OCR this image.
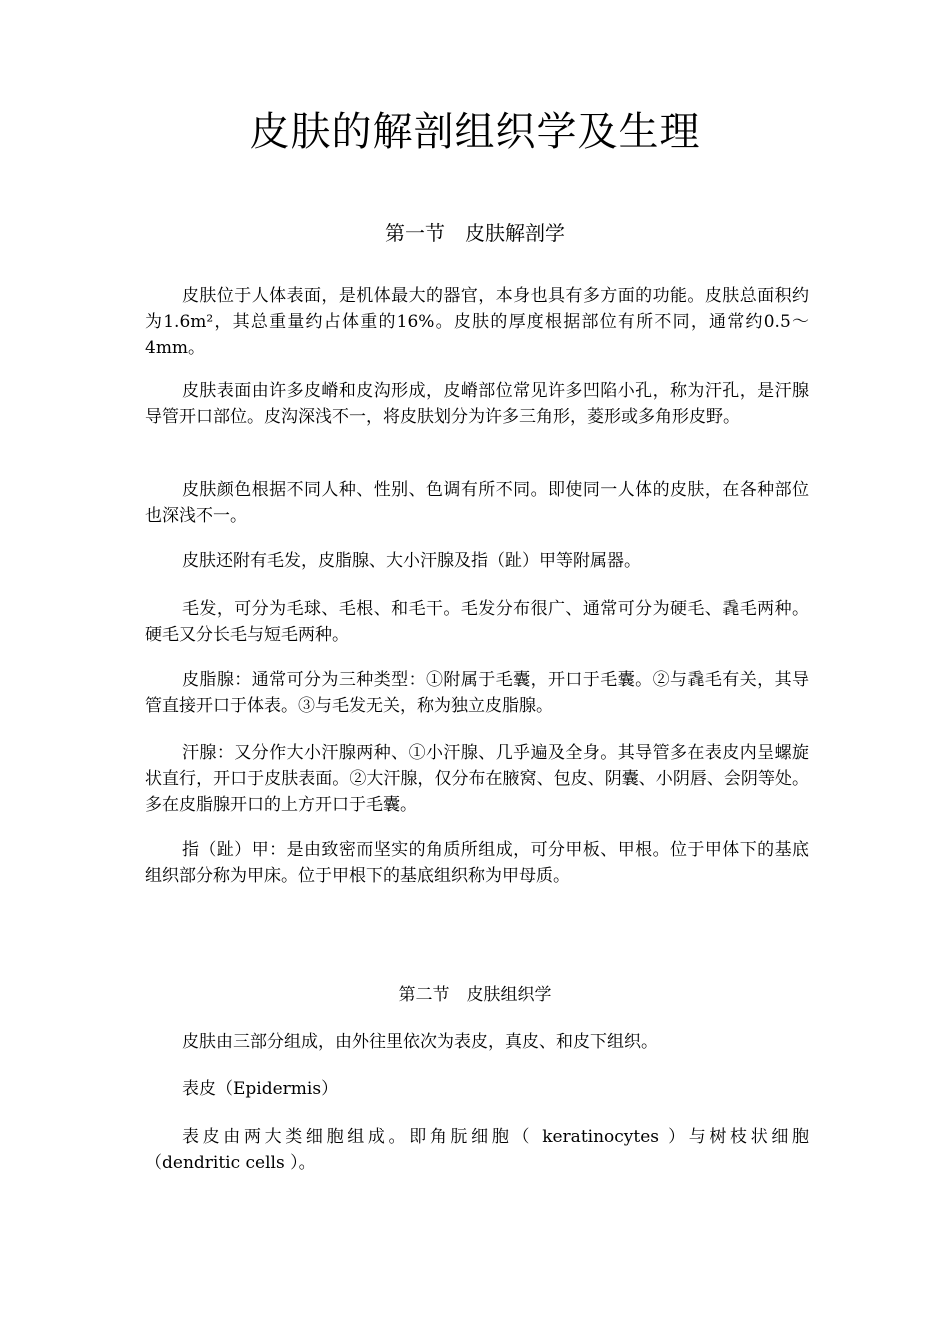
皮肤的解剖组织学及生理
第一节　皮肤解剖学

皮肤位于人体表面，是机体最大的器官，本身也具有多方面的功能。皮肤总面积约为1.6m²，其总重量约占体重的16%。皮肤的厚度根据部位有所不同，通常约0.5～4mm。

皮肤表面由许多皮嵴和皮沟形成，皮嵴部位常见许多凹陷小孔，称为汗孔，是汗腺导管开口部位。皮沟深浅不一，将皮肤划分为许多三角形，菱形或多角形皮野。

皮肤颜色根据不同人种、性别、色调有所不同。即使同一人体的皮肤，在各种部位也深浅不一。

皮肤还附有毛发，皮脂腺、大小汗腺及指（趾）甲等附属器。

毛发，可分为毛球、毛根、和毛干。毛发分布很广、通常可分为硬毛、毳毛两种。硬毛又分长毛与短毛两种。

皮脂腺：通常可分为三种类型：①附属于毛囊，开口于毛囊。②与毳毛有关，其导管直接开口于体表。③与毛发无关，称为独立皮脂腺。

汗腺：又分作大小汗腺两种、①小汗腺、几乎遍及全身。其导管多在表皮内呈螺旋状直行，开口于皮肤表面。②大汗腺，仅分布在腋窝、包皮、阴囊、小阴唇、会阴等处。多在皮脂腺开口的上方开口于毛囊。

指（趾）甲：是由致密而坚实的角质所组成，可分甲板、甲根。位于甲体下的基底组织部分称为甲床。位于甲根下的基底组织称为甲母质。

第二节　皮肤组织学

皮肤由三部分组成，由外往里依次为表皮，真皮、和皮下组织。

表皮（Epidermis）

表皮由两大类细胞组成。即角朊细胞（ keratinocytes ）与树枝状细胞（dendritic cells ）。
